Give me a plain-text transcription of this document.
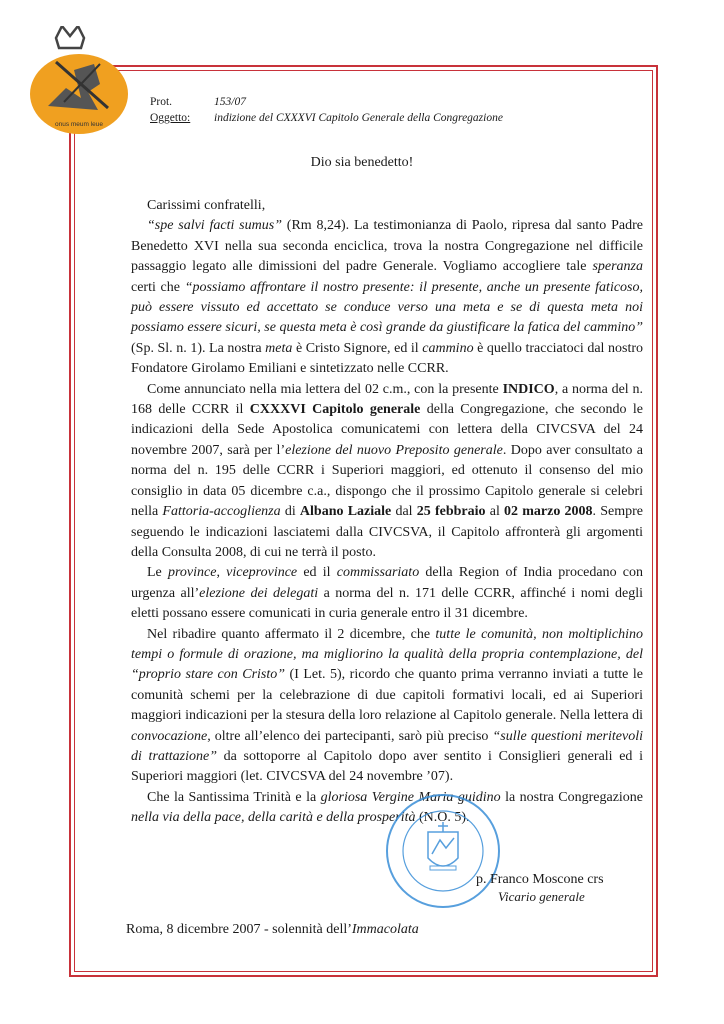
onus meum leue
Prot.	153/07
Oggetto: indizione del CXXXVI Capitolo Generale della Congregazione
Dio sia benedetto!

Carissimi confratelli,

“spe salvi facti sumus” (Rm 8,24). La testimonianza di Paolo, ripresa dal santo Padre Benedetto XVI nella sua seconda enciclica, trova la nostra Congregazione nel difficile passaggio legato alle dimissioni del padre Generale. Vogliamo accogliere tale speranza certi che “possiamo affrontare il nostro presente: il presente, anche un presente faticoso, può essere vissuto ed accettato se conduce verso una meta e se di questa meta noi possiamo essere sicuri, se questa meta è così grande da giustificare la fatica del cammino” (Sp. Sl. n. 1). La nostra meta è Cristo Signore, ed il cammino è quello tracciatoci dal nostro Fondatore Girolamo Emiliani e sintetizzato nelle CCRR.

Come annunciato nella mia lettera del 02 c.m., con la presente INDICO, a norma del n. 168 delle CCRR il CXXXVI Capitolo generale della Congregazione, che secondo le indicazioni della Sede Apostolica comunicatemi con lettera della CIVCSVA del 24 novembre 2007, sarà per l’elezione del nuovo Preposito generale. Dopo aver consultato a norma del n. 195 delle CCRR i Superiori maggiori, ed ottenuto il consenso del mio consiglio in data 05 dicembre c.a., dispongo che il prossimo Capitolo generale si celebri nella Fattoria-accoglienza di Albano Laziale dal 25 febbraio al 02 marzo 2008. Sempre seguendo le indicazioni lasciatemi dalla CIVCSVA, il Capitolo affronterà gli argomenti della Consulta 2008, di cui ne terrà il posto.

Le province, viceprovince ed il commissariato della Region of India procedano con urgenza all’elezione dei delegati a norma del n. 171 delle CCRR, affinché i nomi degli eletti possano essere comunicati in curia generale entro il 31 dicembre.

Nel ribadire quanto affermato il 2 dicembre, che tutte le comunità, non moltiplichino tempi o formule di orazione, ma migliorino la qualità della propria contemplazione, del “proprio stare con Cristo” (I Let. 5), ricordo che quanto prima verranno inviati a tutte le comunità schemi per la celebrazione di due capitoli formativi locali, ed ai Superiori maggiori indicazioni per la stesura della loro relazione al Capitolo generale. Nella lettera di convocazione, oltre all’elenco dei partecipanti, sarò più preciso “sulle questioni meritevoli di trattazione” da sottoporre al Capitolo dopo aver sentito i Consiglieri generali ed i Superiori maggiori (let. CIVCSVA del 24 novembre ’07).

Che la Santissima Trinità e la gloriosa Vergine Maria guidino la nostra Congregazione nella via della pace, della carità e della prosperità (N.O. 5).

p. Franco Moscone crs
Vicario generale
Roma, 8 dicembre 2007 - solennità dell’Immacolata
